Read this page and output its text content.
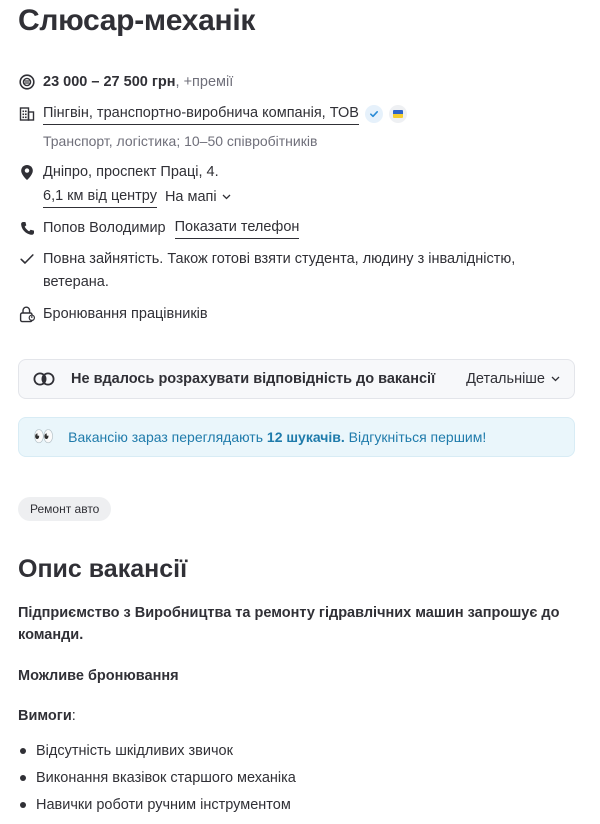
Слюсар-механік
23 000 – 27 500 грн, +премії
Пінгвін, транспортно-виробнича компанія, ТОВ
Транспорт, логістика; 10–50 співробітників
Дніпро, проспект Праці, 4.
6,1 км від центру На мапі
Попов Володимир Показати телефон
Повна зайнятість. Також готові взяти студента, людину з інвалідністю, ветерана.
Бронювання працівників
Не вдалось розрахувати відповідність до вакансії Детальніше
👀 Вакансію зараз переглядають 12 шукачів. Відгукніться першим!
Ремонт авто
Опис вакансії

Підприємство з Виробництва та ремонту гідравлічних машин запрошує до команди.

Можливе бронювання

Вимоги:

Відсутність шкідливих звичок
Виконання вказівок старшого механіка
Навички роботи ручним інструментом
